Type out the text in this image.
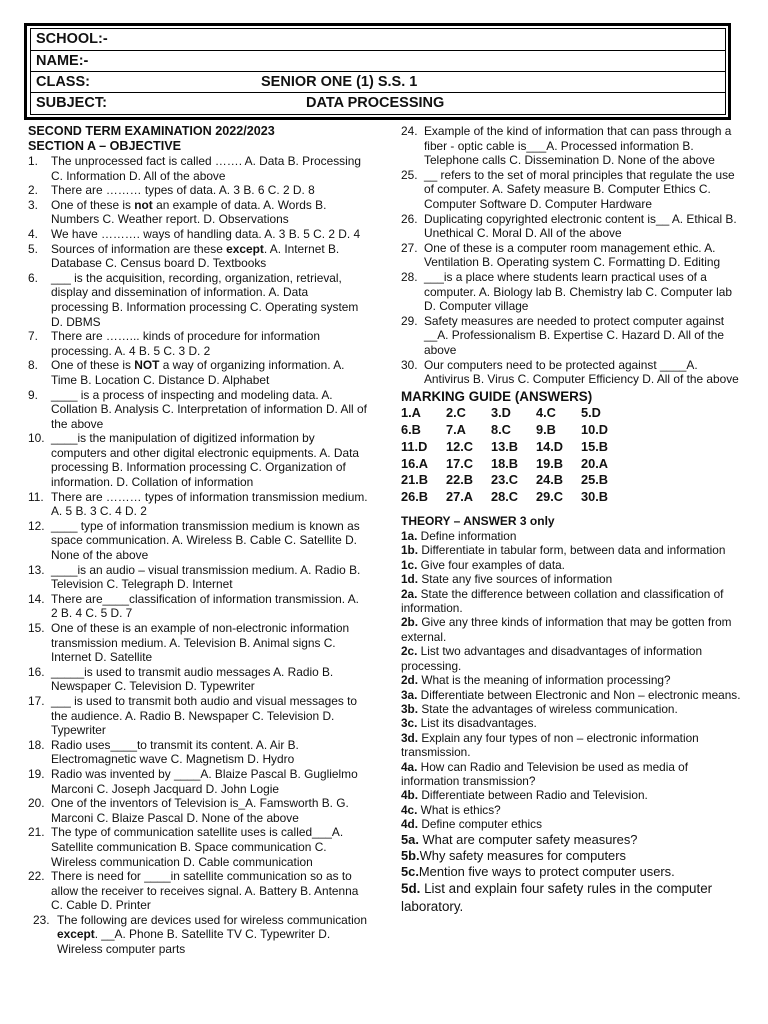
SCHOOL:-
NAME:-
CLASS:	SENIOR ONE (1) S.S. 1
SUBJECT:	DATA PROCESSING
SECOND TERM EXAMINATION 2022/2023
SECTION A – OBJECTIVE
1. The unprocessed fact is called ……. A. Data B. Processing C. Information D. All of the above
2. There are ……… types of data. A. 3 B. 6 C. 2 D. 8
3. One of these is not an example of data. A. Words B. Numbers C. Weather report. D. Observations
4. We have ………. ways of handling data. A. 3 B. 5 C. 2 D. 4
5. Sources of information are these except. A. Internet B. Database C. Census board D. Textbooks
6. ___ is the acquisition, recording, organization, retrieval, display and dissemination of information. A. Data processing B. Information processing C. Operating system D. DBMS
7. There are ……... kinds of procedure for information processing. A. 4 B. 5 C. 3 D. 2
8. One of these is NOT a way of organizing information. A. Time B. Location C. Distance D. Alphabet
9. ____ is a process of inspecting and modeling data. A. Collation B. Analysis C. Interpretation of information D. All of the above
10. ____is the manipulation of digitized information by computers and other digital electronic equipments. A. Data processing B. Information processing C. Organization of information. D. Collation of information
11. There are ……… types of information transmission medium. A. 5 B. 3 C. 4 D. 2
12. ____ type of information transmission medium is known as space communication. A. Wireless B. Cable C. Satellite D. None of the above
13. ____is an audio – visual transmission medium. A. Radio B. Television C. Telegraph D. Internet
14. There are____classification of information transmission. A. 2 B. 4 C. 5 D. 7
15. One of these is an example of non-electronic information transmission medium. A. Television B. Animal signs C. Internet D. Satellite
16. _____is used to transmit audio messages A. Radio B. Newspaper C. Television D. Typewriter
17. ___ is used to transmit both audio and visual messages to the audience. A. Radio B. Newspaper C. Television D. Typewriter
18. Radio uses____to transmit its content. A. Air B. Electromagnetic wave C. Magnetism D. Hydro
19. Radio was invented by ____A. Blaize Pascal B. Guglielmo Marconi C. Joseph Jacquard D. John Logie
20. One of the inventors of Television is_A. Famsworth B. G. Marconi C. Blaize Pascal D. None of the above
21. The type of communication satellite uses is called___A. Satellite communication B. Space communication C. Wireless communication D. Cable communication
22. There is need for ____in satellite communication so as to allow the receiver to receives signal. A. Battery B. Antenna C. Cable D. Printer
23. The following are devices used for wireless communication except. __A. Phone B. Satellite TV C. Typewriter D. Wireless computer parts
24. Example of the kind of information that can pass through a fiber - optic cable is___A. Processed information B. Telephone calls C. Dissemination D. None of the above
25. __ refers to the set of moral principles that regulate the use of computer. A. Safety measure B. Computer Ethics C. Computer Software D. Computer Hardware
26. Duplicating copyrighted electronic content is__ A. Ethical B. Unethical C. Moral D. All of the above
27. One of these is a computer room management ethic. A. Ventilation B. Operating system C. Formatting D. Editing
28. ___is a place where students learn practical uses of a computer. A. Biology lab B. Chemistry lab C. Computer lab D. Computer village
29. Safety measures are needed to protect computer against __A. Professionalism B. Expertise C. Hazard D. All of the above
30. Our computers need to be protected against ____A. Antivirus B. Virus C. Computer Efficiency D. All of the above
MARKING GUIDE (ANSWERS)
1.A	2.C	3.D	4.C	5.D
6.B	7.A	8.C	9.B	10.D
11.D	12.C	13.B	14.D	15.B
16.A	17.C	18.B	19.B	20.A
21.B	22.B	23.C	24.B	25.B
26.B	27.A	28.C	29.C	30.B
THEORY – ANSWER 3 only
1a. Define information
1b. Differentiate in tabular form, between data and information
1c. Give four examples of data.
1d. State any five sources of information
2a. State the difference between collation and classification of information.
2b. Give any three kinds of information that may be gotten from external.
2c. List two advantages and disadvantages of information processing.
2d. What is the meaning of information processing?
3a. Differentiate between Electronic and Non – electronic means.
3b. State the advantages of wireless communication.
3c. List its disadvantages.
3d. Explain any four types of non – electronic information transmission.
4a. How can Radio and Television be used as media of information transmission?
4b. Differentiate between Radio and Television.
4c. What is ethics?
4d. Define computer ethics
5a. What are computer safety measures?
5b.Why safety measures for computers
5c.Mention five ways to protect computer users.
5d. List and explain four safety rules in the computer laboratory.
